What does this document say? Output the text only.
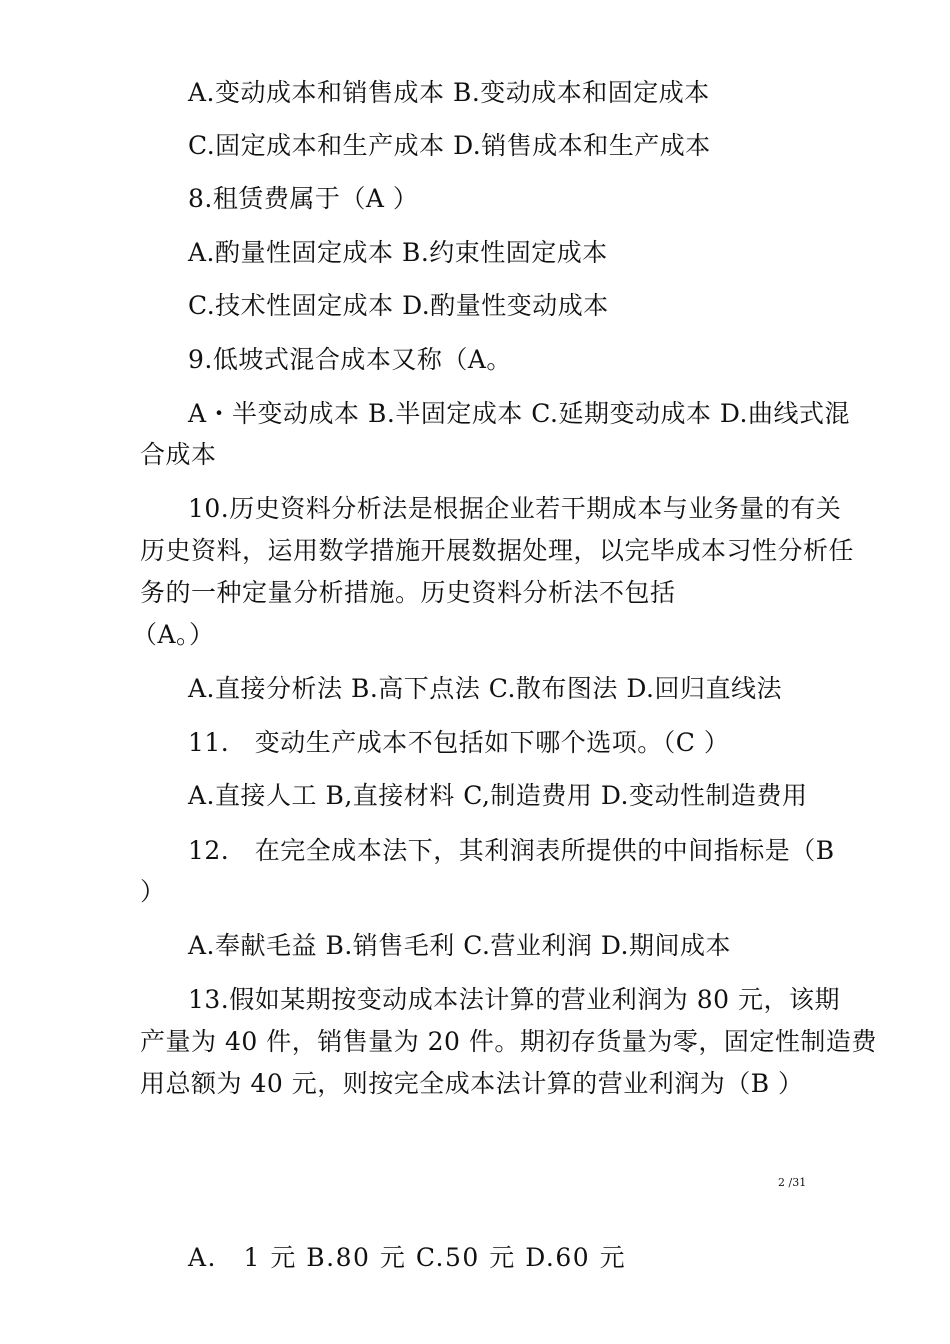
A.变动成本和销售成本 B.变动成本和固定成本
C.固定成本和生产成本 D.销售成本和生产成本
8.租赁费属于（A ）
A.酌量性固定成本 B.约束性固定成本
C.技术性固定成本 D.酌量性变动成本
9.低坡式混合成本又称（A。
A・半变动成本 B.半固定成本 C.延期变动成本 D.曲线式混
合成本
10.历史资料分析法是根据企业若干期成本与业务量的有关
历史资料，运用数学措施开展数据处理，以完毕成本习性分析任
务的一种定量分析措施。历史资料分析法不包括
（A。）
A.直接分析法 B.高下点法 C.散布图法 D.回归直线法
11.　变动生产成本不包括如下哪个选项。（C ）
A.直接人工 B,直接材料 C,制造费用 D.变动性制造费用
12.　在完全成本法下，其利润表所提供的中间指标是（B
）
A.奉献毛益 B.销售毛利 C.营业利润 D.期间成本
13.假如某期按变动成本法计算的营业利润为 80 元，该期
产量为 40 件，销售量为 20 件。期初存货量为零，固定性制造费
用总额为 40 元，则按完全成本法计算的营业利润为（B ）
2 /31
A.　1 元 B.80 元 C.50 元 D.60 元
